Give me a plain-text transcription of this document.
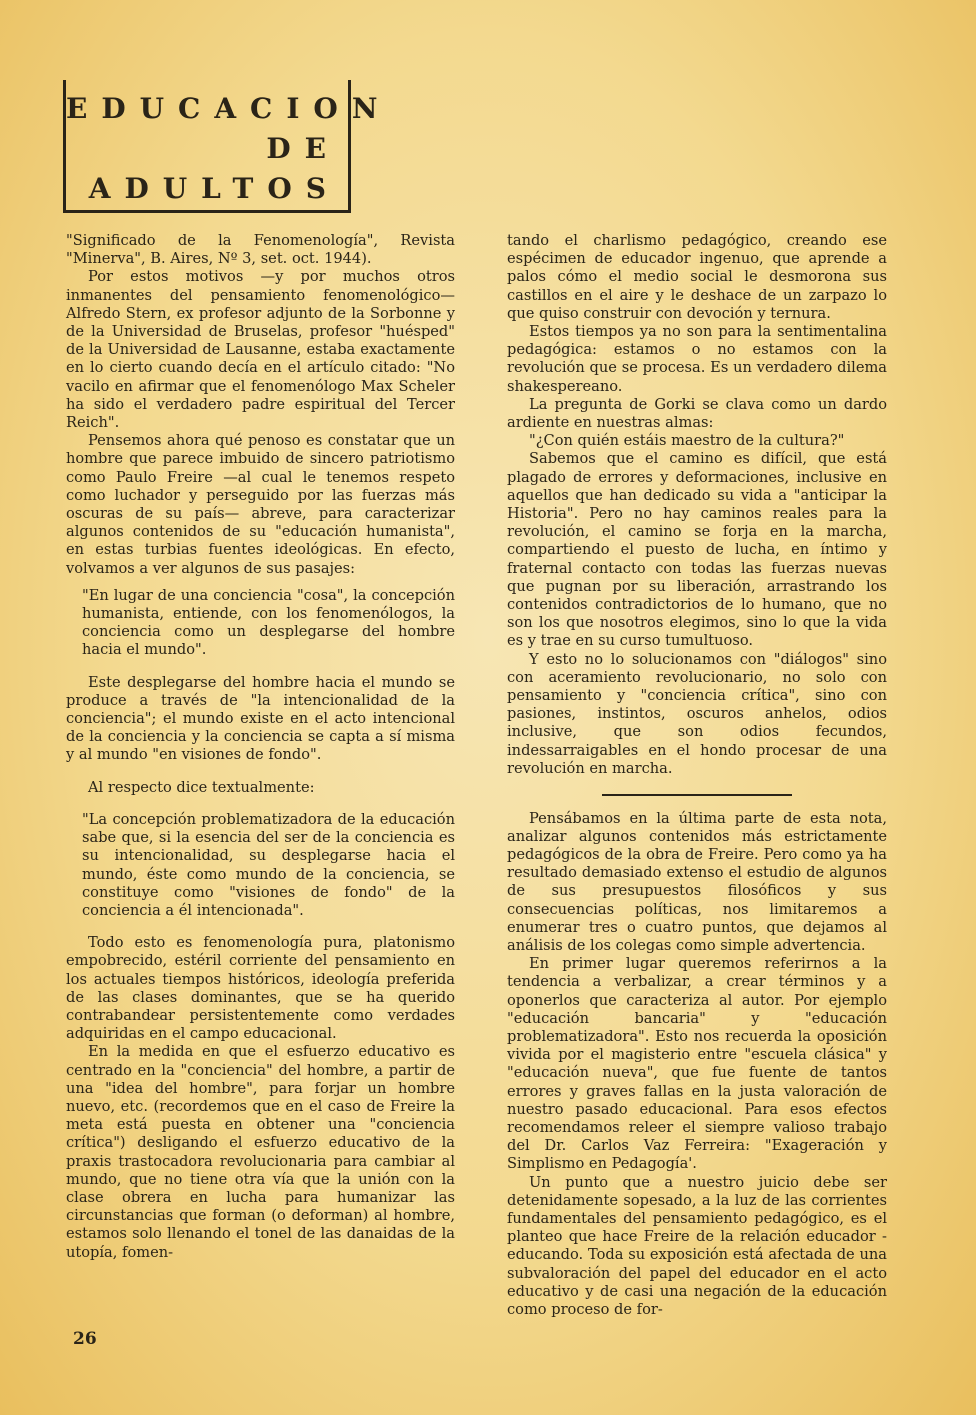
EDUCACION
DE
ADULTOS

"Significado de la Fenomenología", Revista "Minerva", B. Aires, Nº 3, set. oct. 1944).

Por estos motivos —y por muchos otros inmanentes del pensamiento fenomenológico— Alfredo Stern, ex profesor adjunto de la Sorbonne y de la Universidad de Bruselas, profesor "huésped" de la Universidad de Lausanne, estaba exactamente en lo cierto cuando decía en el artículo citado: "No vacilo en afirmar que el fenomenólogo Max Scheler ha sido el verdadero padre espiritual del Tercer Reich".

Pensemos ahora qué penoso es constatar que un hombre que parece imbuido de sincero patriotismo como Paulo Freire —al cual le tenemos respeto como luchador y perseguido por las fuerzas más oscuras de su país— abreve, para caracterizar algunos contenidos de su "educación humanista", en estas turbias fuentes ideológicas. En efecto, volvamos a ver algunos de sus pasajes:

"En lugar de una conciencia "cosa", la concepción humanista, entiende, con los fenomenólogos, la conciencia como un desplegarse del hombre hacia el mundo".

Este desplegarse del hombre hacia el mundo se produce a través de "la intencionalidad de la conciencia"; el mundo existe en el acto intencional de la conciencia y la conciencia se capta a sí misma y al mundo "en visiones de fondo".

Al respecto dice textualmente:

"La concepción problematizadora de la educación sabe que, si la esencia del ser de la conciencia es su intencionalidad, su desplegarse hacia el mundo, éste como mundo de la conciencia, se constituye como "visiones de fondo" de la conciencia a él intencionada".

Todo esto es fenomenología pura, platonismo empobrecido, estéril corriente del pensamiento en los actuales tiempos históricos, ideología preferida de las clases dominantes, que se ha querido contrabandear persistentemente como verdades adquiridas en el campo educacional.

En la medida en que el esfuerzo educativo es centrado en la "conciencia" del hombre, a partir de una "idea del hombre", para forjar un hombre nuevo, etc. (recordemos que en el caso de Freire la meta está puesta en obtener una "conciencia crítica") desligando el esfuerzo educativo de la praxis trastocadora revolucionaria para cambiar al mundo, que no tiene otra vía que la unión con la clase obrera en lucha para humanizar las circunstancias que forman (o deforman) al hombre, estamos solo llenando el tonel de las danaidas de la utopía, fomen-

tando el charlismo pedagógico, creando ese espécimen de educador ingenuo, que aprende a palos cómo el medio social le desmorona sus castillos en el aire y le deshace de un zarpazo lo que quiso construir con devoción y ternura.

Estos tiempos ya no son para la sentimentalina pedagógica: estamos o no estamos con la revolución que se procesa. Es un verdadero dilema shakespereano.

La pregunta de Gorki se clava como un dardo ardiente en nuestras almas:

"¿Con quién estáis maestro de la cultura?"

Sabemos que el camino es difícil, que está plagado de errores y deformaciones, inclusive en aquellos que han dedicado su vida a "anticipar la Historia". Pero no hay caminos reales para la revolución, el camino se forja en la marcha, compartiendo el puesto de lucha, en íntimo y fraternal contacto con todas las fuerzas nuevas que pugnan por su liberación, arrastrando los contenidos contradictorios de lo humano, que no son los que nosotros elegimos, sino lo que la vida es y trae en su curso tumultuoso.

Y esto no lo solucionamos con "diálogos" sino con aceramiento revolucionario, no solo con pensamiento y "conciencia crítica", sino con pasiones, instintos, oscuros anhelos, odios inclusive, que son odios fecundos, indessarraigables en el hondo procesar de una revolución en marcha.

Pensábamos en la última parte de esta nota, analizar algunos contenidos más estrictamente pedagógicos de la obra de Freire. Pero como ya ha resultado demasiado extenso el estudio de algunos de sus presupuestos filosóficos y sus consecuencias políticas, nos limitaremos a enumerar tres o cuatro puntos, que dejamos al análisis de los colegas como simple advertencia.

En primer lugar queremos referirnos a la tendencia a verbalizar, a crear términos y a oponerlos que caracteriza al autor. Por ejemplo "educación bancaria" y "educación problematizadora". Esto nos recuerda la oposición vivida por el magisterio entre "escuela clásica" y "educación nueva", que fue fuente de tantos errores y graves fallas en la justa valoración de nuestro pasado educacional. Para esos efectos recomendamos releer el siempre valioso trabajo del Dr. Carlos Vaz Ferreira: "Exageración y Simplismo en Pedagogía'.

Un punto que a nuestro juicio debe ser detenidamente sopesado, a la luz de las corrientes fundamentales del pensamiento pedagógico, es el planteo que hace Freire de la relación educador - educando. Toda su exposición está afectada de una subvaloración del papel del educador en el acto educativo y de casi una negación de la educación como proceso de for-

26
